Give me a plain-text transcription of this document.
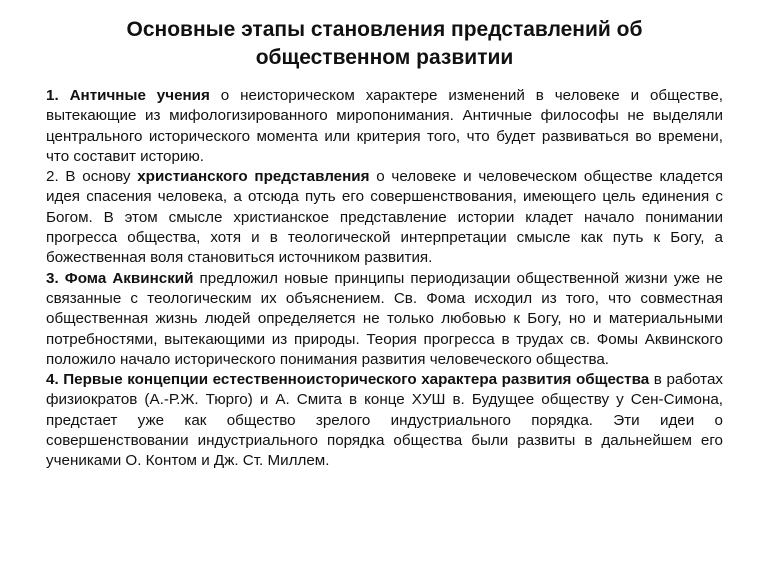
Основные этапы становления представлений об
общественном развитии

1. Античные учения о неисторическом характере изменений в человеке и обществе, вытекающие из мифологизированного миропонимания. Античные философы не выделяли центрального исторического момента или критерия того, что будет развиваться во времени, что составит историю.

2. В основу христианского представления о человеке и человеческом обществе кладется идея спасения человека, а отсюда путь его совершенствования, имеющего цель единения с Богом. В этом смысле христианское представление истории кладет начало понимании прогресса общества, хотя и в теологической интерпретации смысле как путь к Богу, а божественная воля становиться источником развития.

3. Фома Аквинский предложил новые принципы периодизации общественной жизни уже не связанные с теологическим их объяснением. Св. Фома исходил из того, что совместная общественная жизнь людей определяется не только любовью к Богу, но и материальными потребностями, вытекающими из природы. Теория прогресса в трудах св. Фомы Аквинского положило начало исторического понимания развития человеческого общества.

4. Первые концепции естественноисторического характера развития общества в работах физиократов (А.-Р.Ж. Тюрго) и А. Смита в конце ХУШ в. Будущее обществу у Сен-Симона, предстает уже как общество зрелого индустриального порядка. Эти идеи о совершенствовании индустриального порядка общества были развиты в дальнейшем его учениками О. Контом и Дж. Ст. Миллем.
